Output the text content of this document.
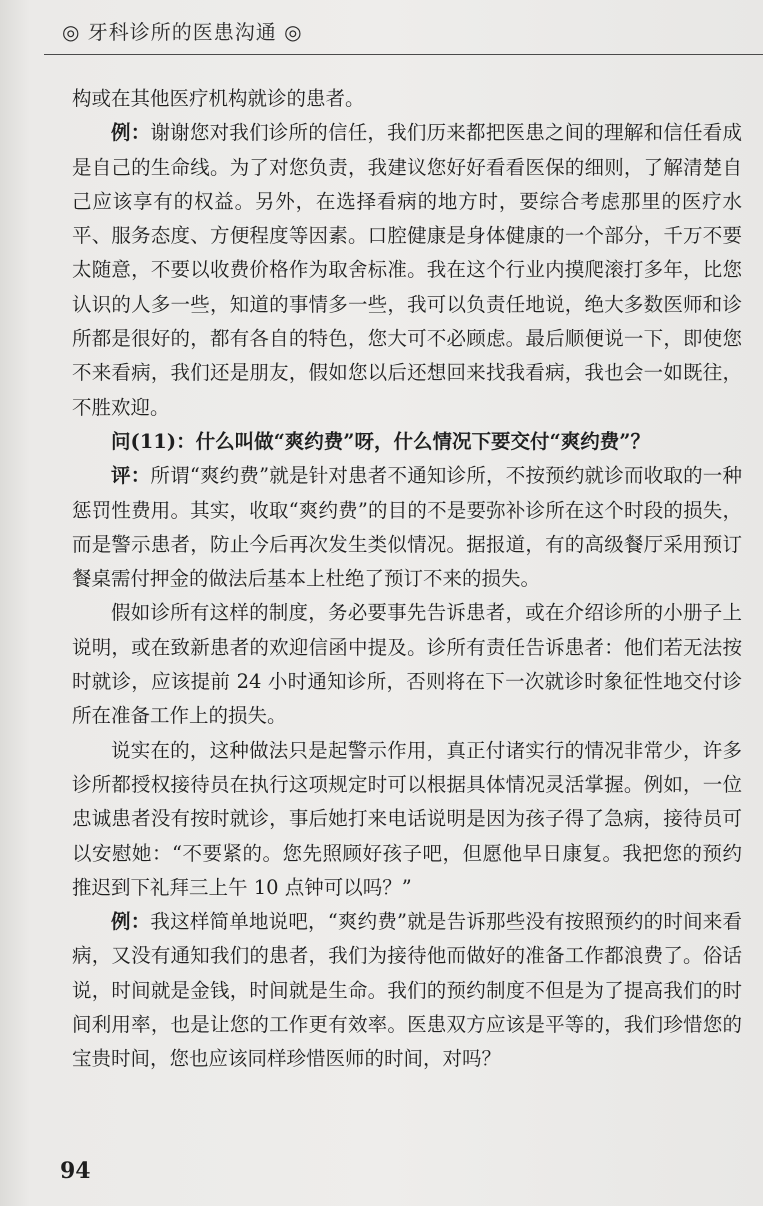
◎ 牙科诊所的医患沟通 ◎

构或在其他医疗机构就诊的患者。

例：谢谢您对我们诊所的信任，我们历来都把医患之间的理解和信任看成是自己的生命线。为了对您负责，我建议您好好看看医保的细则，了解清楚自己应该享有的权益。另外，在选择看病的地方时，要综合考虑那里的医疗水平、服务态度、方便程度等因素。口腔健康是身体健康的一个部分，千万不要太随意，不要以收费价格作为取舍标准。我在这个行业内摸爬滚打多年，比您认识的人多一些，知道的事情多一些，我可以负责任地说，绝大多数医师和诊所都是很好的，都有各自的特色，您大可不必顾虑。最后顺便说一下，即使您不来看病，我们还是朋友，假如您以后还想回来找我看病，我也会一如既往，不胜欢迎。

问(11)：什么叫做“爽约费”呀，什么情况下要交付“爽约费”？

评：所谓“爽约费”就是针对患者不通知诊所，不按预约就诊而收取的一种惩罚性费用。其实，收取“爽约费”的目的不是要弥补诊所在这个时段的损失，而是警示患者，防止今后再次发生类似情况。据报道，有的高级餐厅采用预订餐桌需付押金的做法后基本上杜绝了预订不来的损失。

假如诊所有这样的制度，务必要事先告诉患者，或在介绍诊所的小册子上说明，或在致新患者的欢迎信函中提及。诊所有责任告诉患者：他们若无法按时就诊，应该提前 24 小时通知诊所，否则将在下一次就诊时象征性地交付诊所在准备工作上的损失。

说实在的，这种做法只是起警示作用，真正付诸实行的情况非常少，许多诊所都授权接待员在执行这项规定时可以根据具体情况灵活掌握。例如，一位忠诚患者没有按时就诊，事后她打来电话说明是因为孩子得了急病，接待员可以安慰她：“不要紧的。您先照顾好孩子吧，但愿他早日康复。我把您的预约推迟到下礼拜三上午 10 点钟可以吗？”

例：我这样简单地说吧，“爽约费”就是告诉那些没有按照预约的时间来看病，又没有通知我们的患者，我们为接待他而做好的准备工作都浪费了。俗话说，时间就是金钱，时间就是生命。我们的预约制度不但是为了提高我们的时间利用率，也是让您的工作更有效率。医患双方应该是平等的，我们珍惜您的宝贵时间，您也应该同样珍惜医师的时间，对吗？

94
